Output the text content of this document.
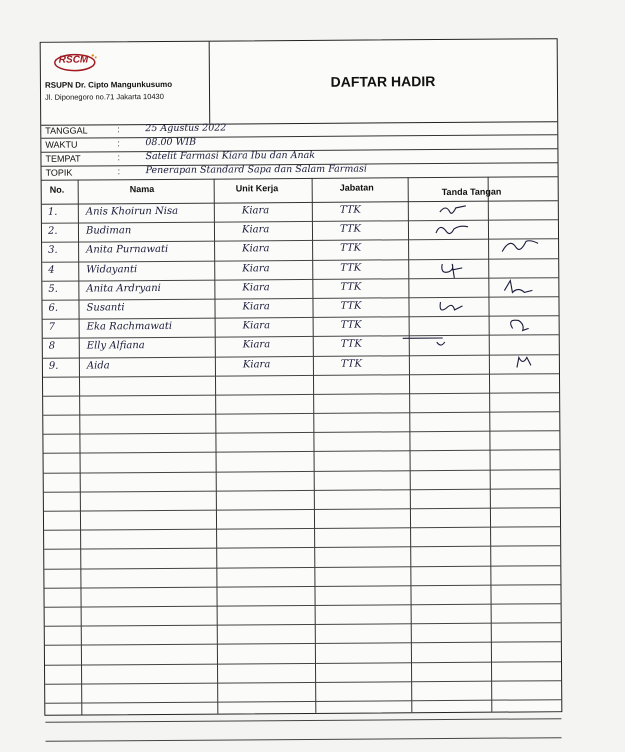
RSCM
RSUPN Dr. Cipto Mangunkusumo
Jl. Diponegoro no.71 Jakarta 10430
DAFTAR HADIR
TANGGAL	:	25 Agustus 2022
WAKTU	:	08.00 WIB
TEMPAT	:	Satelit Farmasi Kiara Ibu dan Anak
TOPIK	:	Penerapan Standard Sapa dan Salam Farmasi
No.	Nama	Unit Kerja	Jabatan	Tanda Tangan
1.	Anis Khoirun Nisa	Kiara	TTK
2.	Budiman	Kiara	TTK
3.	Anita Purnawati	Kiara	TTK
4	Widayanti	Kiara	TTK
5.	Anita Ardryani	Kiara	TTK
6.	Susanti	Kiara	TTK
7	Eka Rachmawati	Kiara	TTK
8	Elly Alfiana	Kiara	TTK
9.	Aida	Kiara	TTK
